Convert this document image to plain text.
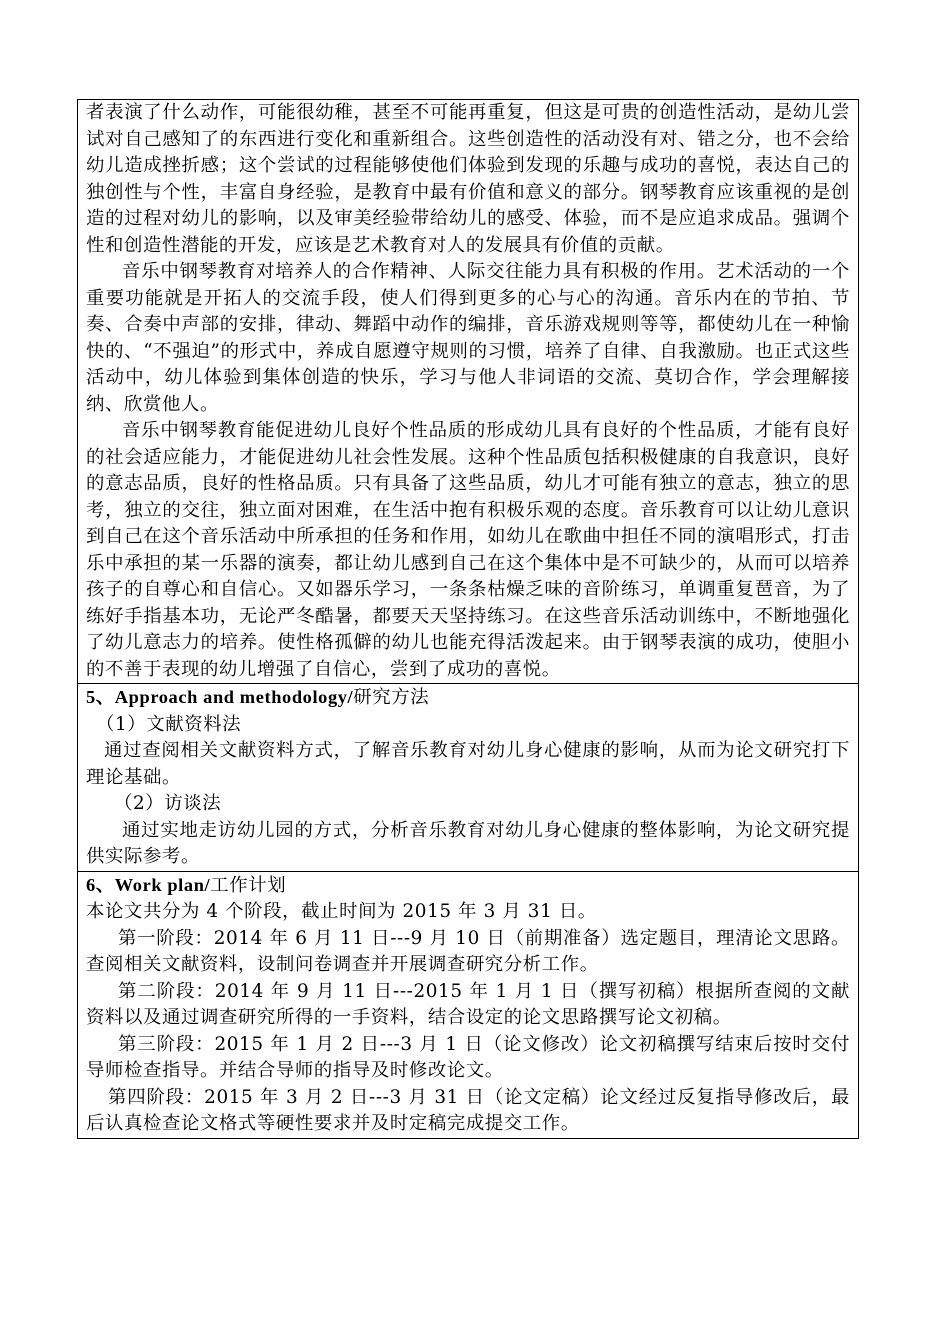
者表演了什么动作，可能很幼稚，甚至不可能再重复，但这是可贵的创造性活动，是幼儿尝试对自己感知了的东西进行变化和重新组合。这些创造性的活动没有对、错之分，也不会给幼儿造成挫折感；这个尝试的过程能够使他们体验到发现的乐趣与成功的喜悦，表达自己的独创性与个性，丰富自身经验，是教育中最有价值和意义的部分。钢琴教育应该重视的是创造的过程对幼儿的影响，以及审美经验带给幼儿的感受、体验，而不是应追求成品。强调个性和创造性潜能的开发，应该是艺术教育对人的发展具有价值的贡献。

音乐中钢琴教育对培养人的合作精神、人际交往能力具有积极的作用。艺术活动的一个重要功能就是开拓人的交流手段，使人们得到更多的心与心的沟通。音乐内在的节拍、节奏、合奏中声部的安排，律动、舞蹈中动作的编排，音乐游戏规则等等，都使幼儿在一种愉快的、“不强迫”的形式中，养成自愿遵守规则的习惯，培养了自律、自我激励。也正式这些活动中，幼儿体验到集体创造的快乐，学习与他人非词语的交流、莫切合作，学会理解接纳、欣赏他人。

音乐中钢琴教育能促进幼儿良好个性品质的形成幼儿具有良好的个性品质，才能有良好的社会适应能力，才能促进幼儿社会性发展。这种个性品质包括积极健康的自我意识，良好的意志品质，良好的性格品质。只有具备了这些品质，幼儿才可能有独立的意志，独立的思考，独立的交往，独立面对困难，在生活中抱有积极乐观的态度。音乐教育可以让幼儿意识到自己在这个音乐活动中所承担的任务和作用，如幼儿在歌曲中担任不同的演唱形式，打击乐中承担的某一乐器的演奏，都让幼儿感到自己在这个集体中是不可缺少的，从而可以培养孩子的自尊心和自信心。又如器乐学习，一条条枯燥乏味的音阶练习，单调重复琶音，为了练好手指基本功，无论严冬酷暑，都要天天坚持练习。在这些音乐活动训练中，不断地强化了幼儿意志力的培养。使性格孤僻的幼儿也能充得活泼起来。由于钢琴表演的成功，使胆小的不善于表现的幼儿增强了自信心，尝到了成功的喜悦。

5、Approach and methodology/研究方法

（1）文献资料法

通过查阅相关文献资料方式，了解音乐教育对幼儿身心健康的影响，从而为论文研究打下理论基础。

（2）访谈法

通过实地走访幼儿园的方式，分析音乐教育对幼儿身心健康的整体影响，为论文研究提供实际参考。

6、Work plan/工作计划

本论文共分为 4 个阶段，截止时间为 2015 年 3 月 31 日。

第一阶段：2014 年 6 月 11 日---9 月 10 日（前期准备）选定题目，理清论文思路。查阅相关文献资料，设制问卷调查并开展调查研究分析工作。

第二阶段：2014 年 9 月 11 日---2015 年 1 月 1 日（撰写初稿）根据所查阅的文献资料以及通过调查研究所得的一手资料，结合设定的论文思路撰写论文初稿。

第三阶段：2015 年 1 月 2 日---3 月 1 日（论文修改）论文初稿撰写结束后按时交付导师检查指导。并结合导师的指导及时修改论文。

第四阶段：2015 年 3 月 2 日---3 月 31 日（论文定稿）论文经过反复指导修改后，最后认真检查论文格式等硬性要求并及时定稿完成提交工作。
